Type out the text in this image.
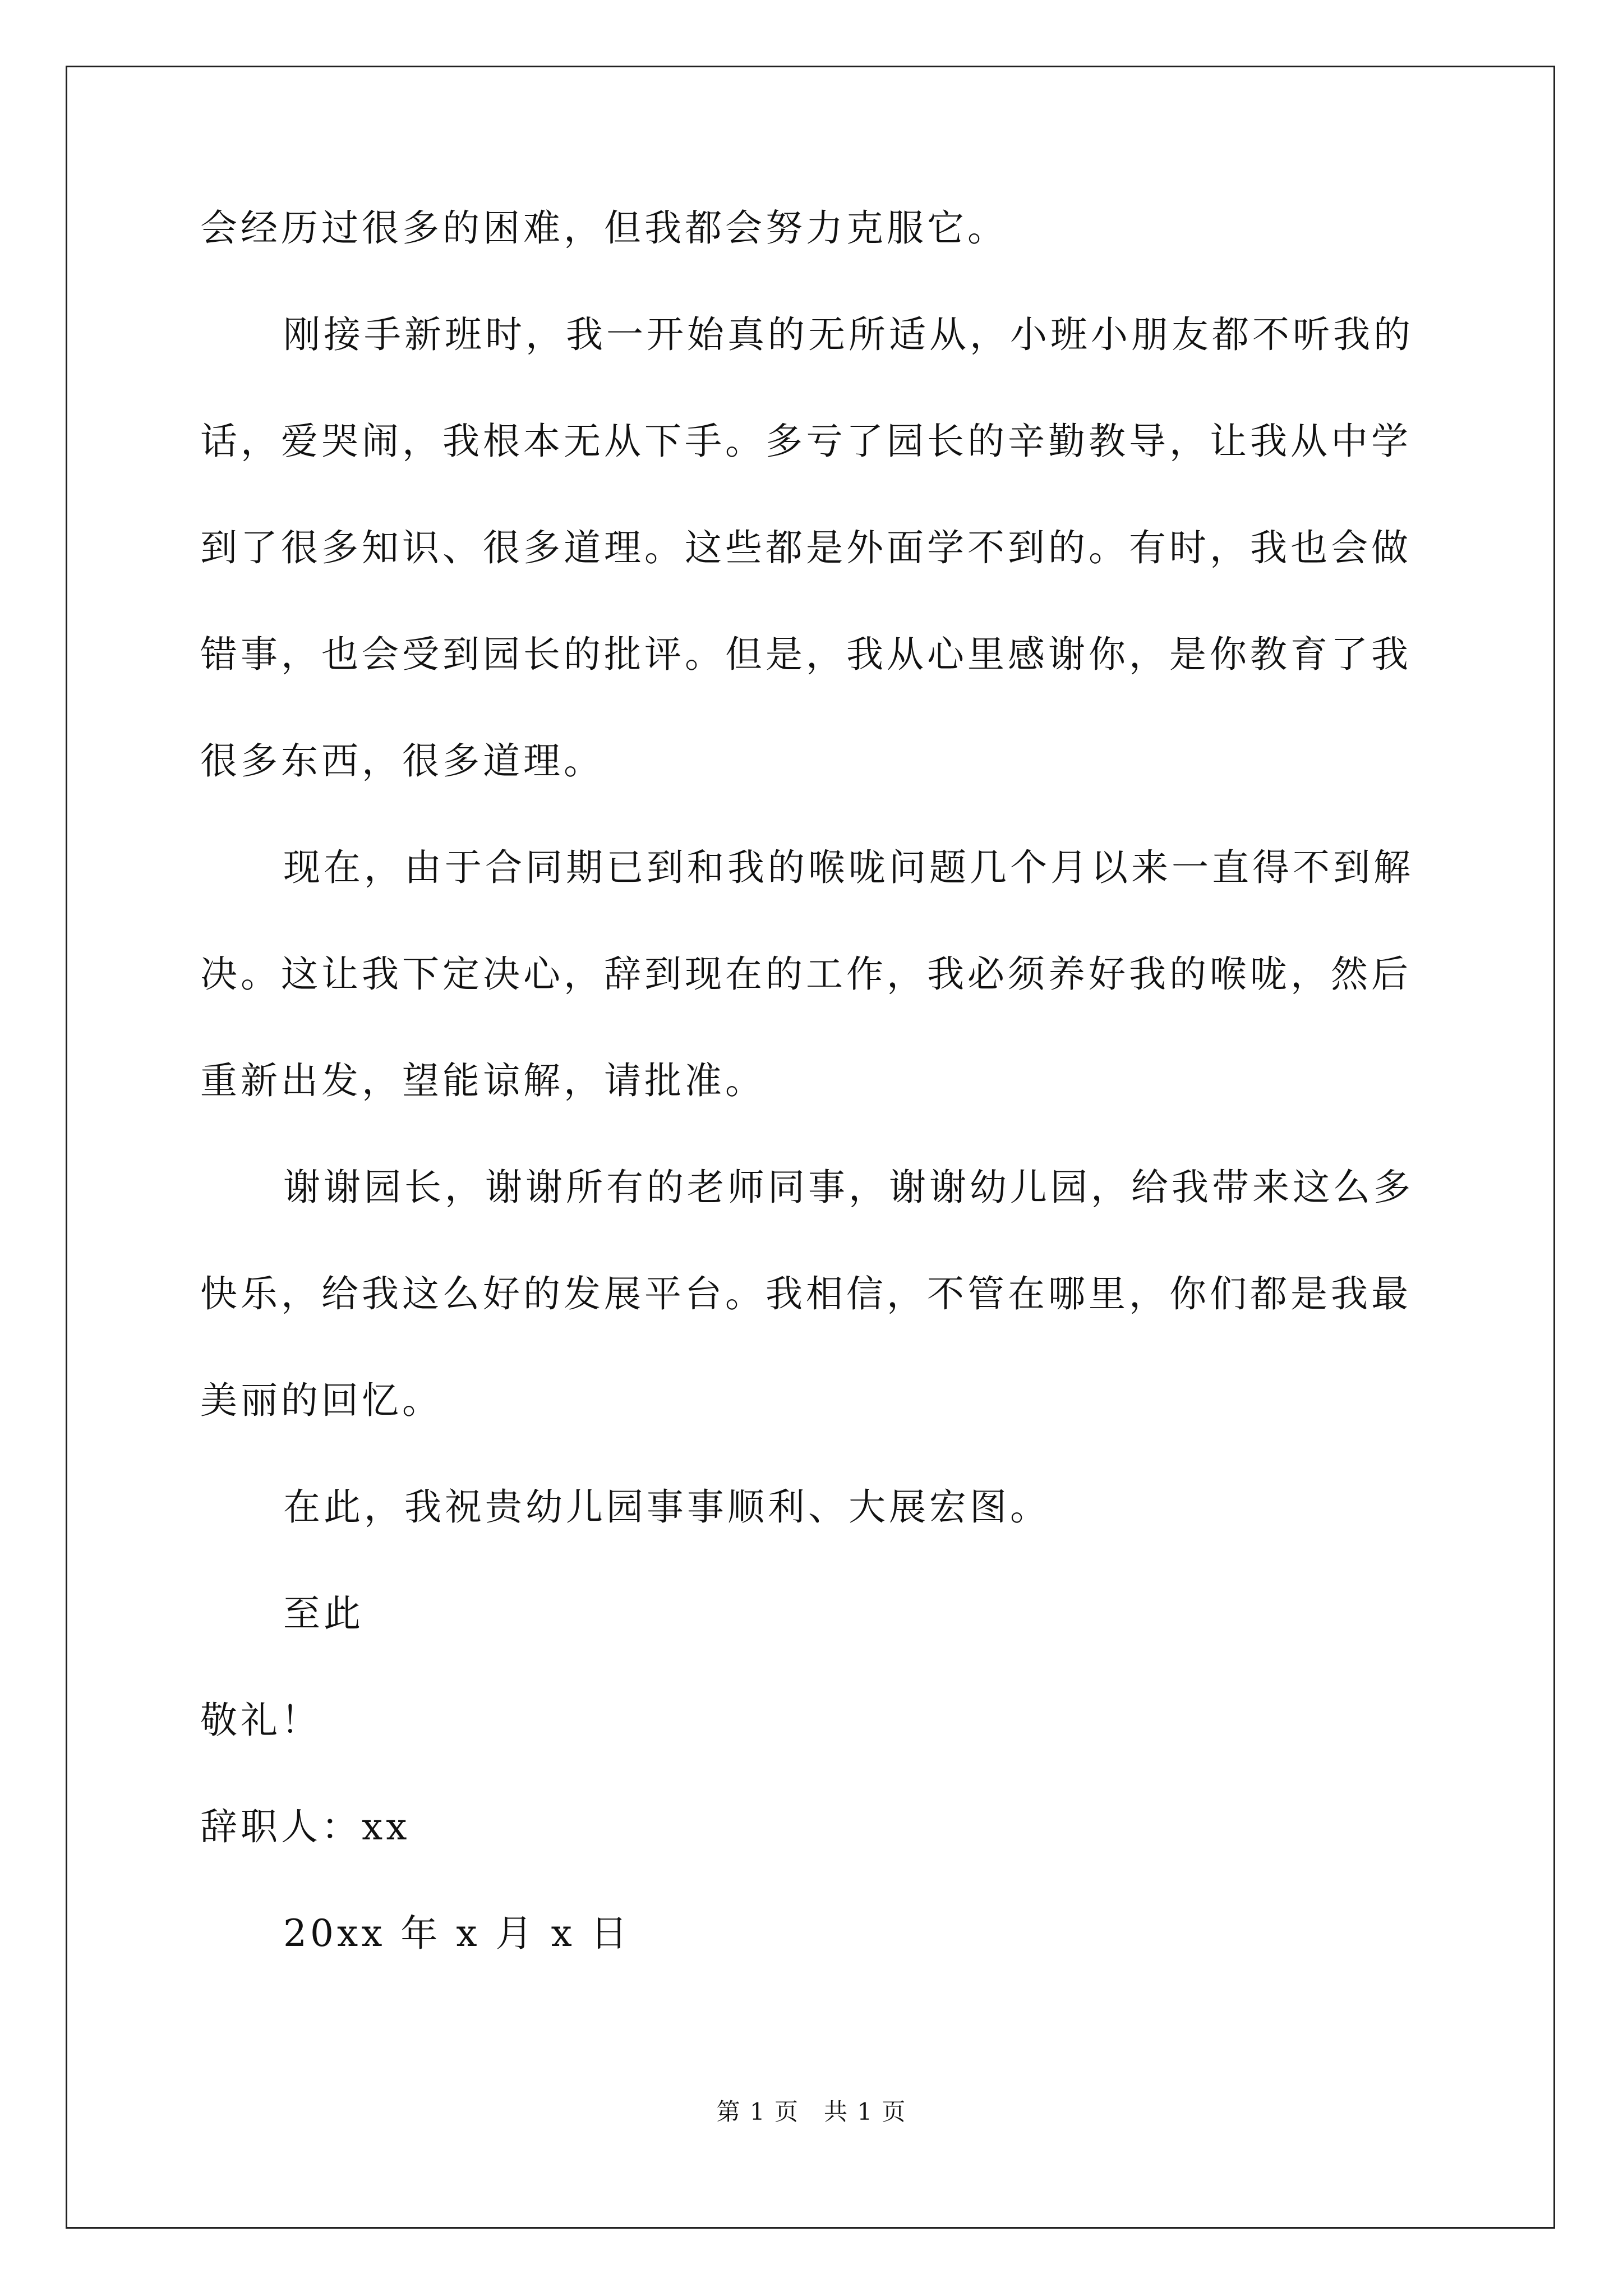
会经历过很多的困难，但我都会努力克服它。
刚接手新班时，我一开始真的无所适从，小班小朋友都不听我的
话，爱哭闹，我根本无从下手。多亏了园长的辛勤教导，让我从中学
到了很多知识、很多道理。这些都是外面学不到的。有时，我也会做
错事，也会受到园长的批评。但是，我从心里感谢你，是你教育了我
很多东西，很多道理。
现在，由于合同期已到和我的喉咙问题几个月以来一直得不到解
决。这让我下定决心，辞到现在的工作，我必须养好我的喉咙，然后
重新出发，望能谅解，请批准。
谢谢园长，谢谢所有的老师同事，谢谢幼儿园，给我带来这么多
快乐，给我这么好的发展平台。我相信，不管在哪里，你们都是我最
美丽的回忆。
在此，我祝贵幼儿园事事顺利、大展宏图。
至此
敬礼！
辞职人：xx
20xx 年 x 月 x 日
第 1 页　共 1 页
